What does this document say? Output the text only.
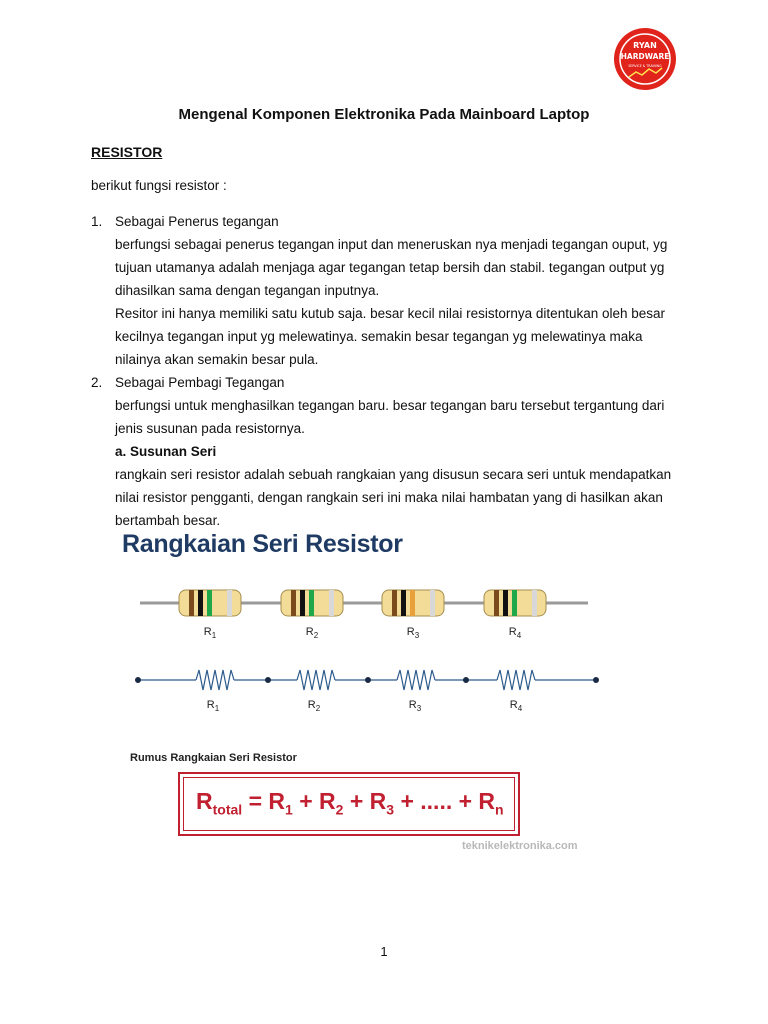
RYAN
HARDWARE
SERVICE & TRAINING
Mengenal Komponen Elektronika Pada Mainboard Laptop
RESISTOR

berikut fungsi resistor :

1. Sebagai Penerus tegangan
berfungsi sebagai penerus tegangan input dan meneruskan nya menjadi tegangan ouput, yg tujuan utamanya adalah menjaga agar tegangan tetap bersih dan stabil. tegangan output yg dihasilkan sama dengan tegangan inputnya.
Resitor ini hanya memiliki satu kutub saja. besar kecil nilai resistornya ditentukan oleh besar kecilnya tegangan input yg melewatinya. semakin besar tegangan yg melewatinya maka nilainya akan semakin besar pula.
2. Sebagai Pembagi Tegangan
berfungsi untuk menghasilkan tegangan baru. besar tegangan baru tersebut tergantung dari jenis susunan pada resistornya.
a. Susunan Seri
rangkain seri resistor adalah sebuah rangkaian yang disusun secara seri untuk mendapatkan nilai resistor pengganti, dengan rangkain seri ini maka nilai hambatan yang di hasilkan akan bertambah besar.
Rangkaian Seri Resistor
$R_1$	$R_2$	$R_3$	$R_4$
$R_1$	$R_2$	$R_3$	$R_4$
Rumus Rangkaian Seri Resistor
$R_{total} = R_1 + R_2 + R_3$ + ..... + $R_n$
teknikelektronika.com
1
